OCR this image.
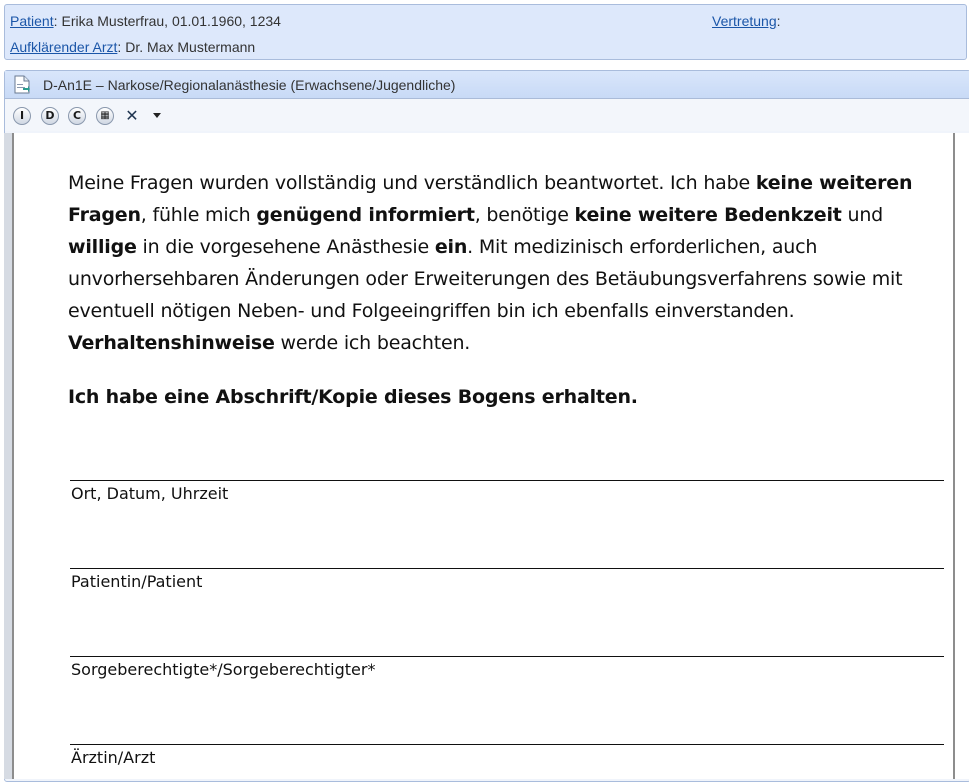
Patient: Erika Musterfrau, 01.01.1960, 1234	Vertretung:
Aufklärender Arzt: Dr. Max Mustermann
D-An1E – Narkose/Regionalanästhesie (Erwachsene/Jugendliche)
I	D	C	▦ ✕
Meine Fragen wurden vollständig und verständlich beantwortet. Ich habe keine weiteren Fragen, fühle mich genügend informiert, benötige keine weitere Bedenkzeit und willige in die vorgesehene Anästhesie ein. Mit medizinisch erforderlichen, auch unvorhersehbaren Änderungen oder Erweiterungen des Betäubungsverfahrens sowie mit eventuell nötigen Neben- und Folgeeingriffen bin ich ebenfalls einverstanden. Verhaltenshinweise werde ich beachten.
Ich habe eine Abschrift/Kopie dieses Bogens erhalten.
Ort, Datum, Uhrzeit
Patientin/Patient
Sorgeberechtigte*/Sorgeberechtigter*
Ärztin/Arzt
